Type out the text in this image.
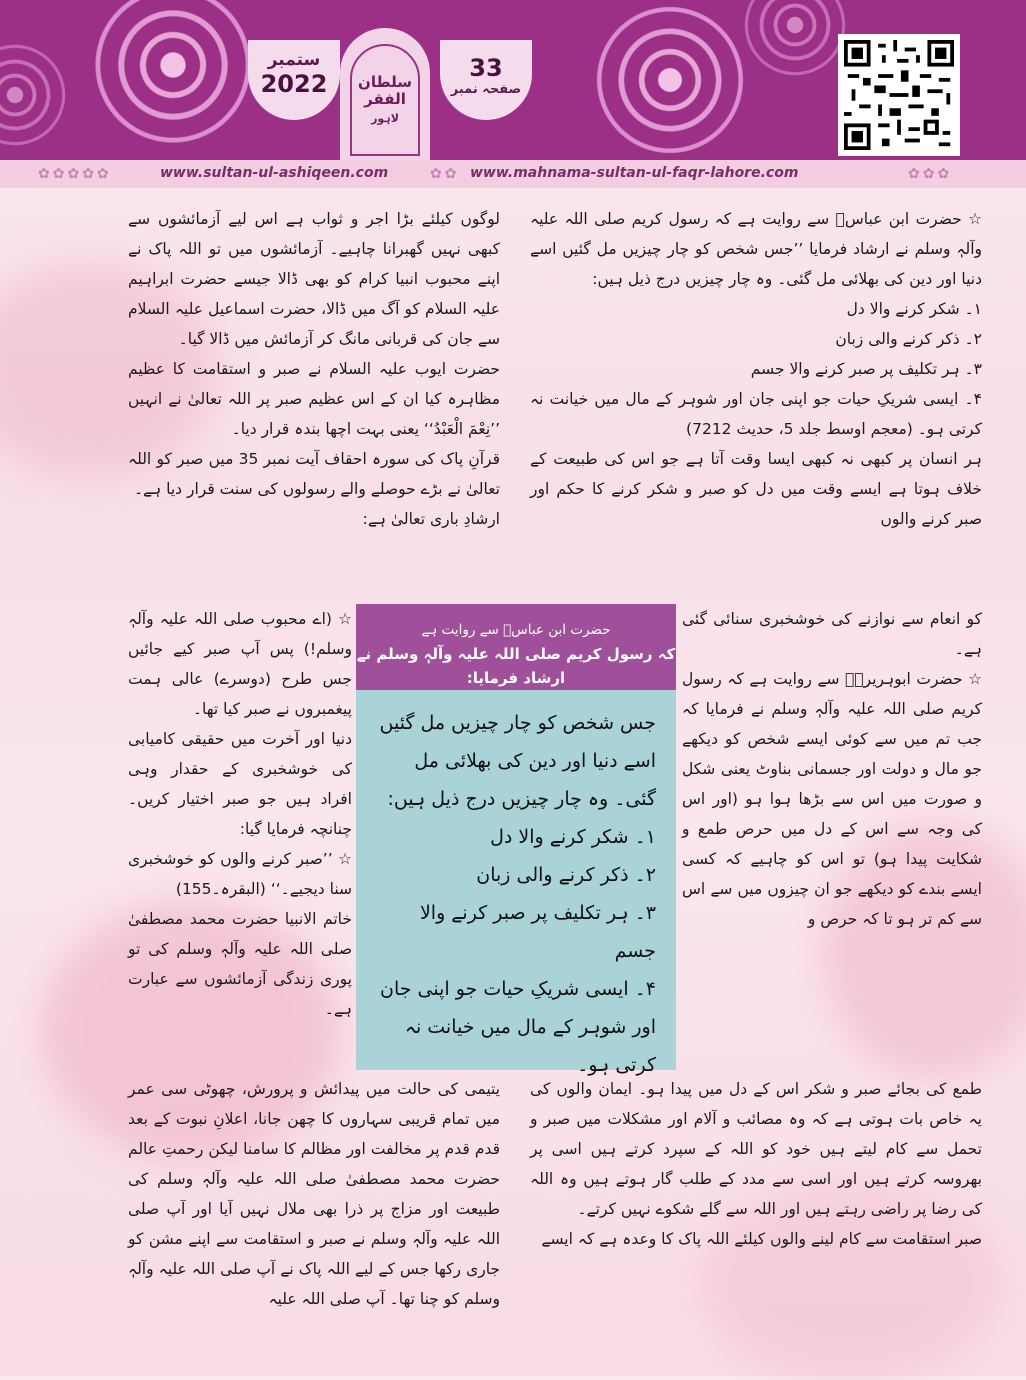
ستمبر
2022	سلطان الفقر
لاہور
33
صفحہ نمبر
✿✿✿✿✿	✿✿	✿✿✿
www.sultan-ul-ashiqeen.com	www.mahnama-sultan-ul-faqr-lahore.com

☆ حضرت ابن عباسؓ سے روایت ہے کہ رسول کریم صلی اللہ علیہ وآلہٖ وسلم نے ارشاد فرمایا ’’جس شخص کو چار چیزیں مل گئیں اسے دنیا اور دین کی بھلائی مل گئی۔ وہ چار چیزیں درج ذیل ہیں:

۱۔ شکر کرنے والا دل

۲۔ ذکر کرنے والی زبان

۳۔ ہر تکلیف پر صبر کرنے والا جسم

۴۔ ایسی شریکِ حیات جو اپنی جان اور شوہر کے مال میں خیانت نہ کرتی ہو۔ (معجم اوسط جلد 5، حدیث 7212)

ہر انسان پر کبھی نہ کبھی ایسا وقت آتا ہے جو اس کی طبیعت کے خلاف ہوتا ہے ایسے وقت میں دل کو صبر و شکر کرنے کا حکم اور صبر کرنے والوں

لوگوں کیلئے بڑا اجر و ثواب ہے اس لیے آزمائشوں سے کبھی نہیں گھبرانا چاہیے۔ آزمائشوں میں تو اللہ پاک نے اپنے محبوب انبیا کرام کو بھی ڈالا جیسے حضرت ابراہیم علیہ السلام کو آگ میں ڈالا، حضرت اسماعیل علیہ السلام سے جان کی قربانی مانگ کر آزمائش میں ڈالا گیا۔

حضرت ایوب علیہ السلام نے صبر و استقامت کا عظیم مظاہرہ کیا ان کے اس عظیم صبر پر اللہ تعالیٰ نے انہیں ’’نِعْمَ الْعَبْدُ‘‘ یعنی بہت اچھا بندہ قرار دیا۔

قرآنِ پاک کی سورہ احقاف آیت نمبر 35 میں صبر کو اللہ تعالیٰ نے بڑے حوصلے والے رسولوں کی سنت قرار دیا ہے۔

ارشادِ باری تعالیٰ ہے:

حضرت ابن عباسؓ سے روایت ہے
کہ رسول کریم صلی اللہ علیہ وآلہٖ وسلم نے ارشاد فرمایا:

جس شخص کو چار چیزیں مل گئیں اسے دنیا اور دین کی بھلائی مل گئی۔ وہ چار چیزیں درج ذیل ہیں:

۱۔ شکر کرنے والا دل

۲۔ ذکر کرنے والی زبان

۳۔ ہر تکلیف پر صبر کرنے والا جسم

۴۔ ایسی شریکِ حیات جو اپنی جان اور شوہر کے مال میں خیانت نہ کرتی ہو۔

کو انعام سے نوازنے کی خوشخبری سنائی گئی ہے۔

☆ حضرت ابوہریرہؓ سے روایت ہے کہ رسول کریم صلی اللہ علیہ وآلہٖ وسلم نے فرمایا کہ جب تم میں سے کوئی ایسے شخص کو دیکھے جو مال و دولت اور جسمانی بناوٹ یعنی شکل و صورت میں اس سے بڑھا ہوا ہو (اور اس کی وجہ سے اس کے دل میں حرص طمع و شکایت پیدا ہو) تو اس کو چاہیے کہ کسی ایسے بندے کو دیکھے جو ان چیزوں میں سے اس سے کم تر ہو تا کہ حرص و

☆ (اے محبوب صلی اللہ علیہ وآلہٖ وسلم!) پس آپ صبر کیے جائیں جس طرح (دوسرے) عالی ہمت پیغمبروں نے صبر کیا تھا۔

دنیا اور آخرت میں حقیقی کامیابی کی خوشخبری کے حقدار وہی افراد ہیں جو صبر اختیار کریں۔ چنانچہ فرمایا گیا:

☆ ’’صبر کرنے والوں کو خوشخبری سنا دیجیے۔‘‘ (البقرہ۔155)

خاتم الانبیا حضرت محمد مصطفیٰ صلی اللہ علیہ وآلہٖ وسلم کی تو پوری زندگی آزمائشوں سے عبارت ہے۔

طمع کی بجائے صبر و شکر اس کے دل میں پیدا ہو۔ ایمان والوں کی یہ خاص بات ہوتی ہے کہ وہ مصائب و آلام اور مشکلات میں صبر و تحمل سے کام لیتے ہیں خود کو اللہ کے سپرد کرتے ہیں اسی پر بھروسہ کرتے ہیں اور اسی سے مدد کے طلب گار ہوتے ہیں وہ اللہ کی رضا پر راضی رہتے ہیں اور اللہ سے گلے شکوے نہیں کرتے۔

صبر استقامت سے کام لینے والوں کیلئے اللہ پاک کا وعدہ ہے کہ ایسے

یتیمی کی حالت میں پیدائش و پرورش، چھوٹی سی عمر میں تمام قریبی سہاروں کا چھن جانا، اعلانِ نبوت کے بعد قدم قدم پر مخالفت اور مظالم کا سامنا لیکن رحمتِ عالم حضرت محمد مصطفیٰ صلی اللہ علیہ وآلہٖ وسلم کی طبیعت اور مزاج پر ذرا بھی ملال نہیں آیا اور آپ صلی اللہ علیہ وآلہٖ وسلم نے صبر و استقامت سے اپنے مشن کو جاری رکھا جس کے لیے اللہ پاک نے آپ صلی اللہ علیہ وآلہٖ وسلم کو چنا تھا۔ آپ صلی اللہ علیہ
